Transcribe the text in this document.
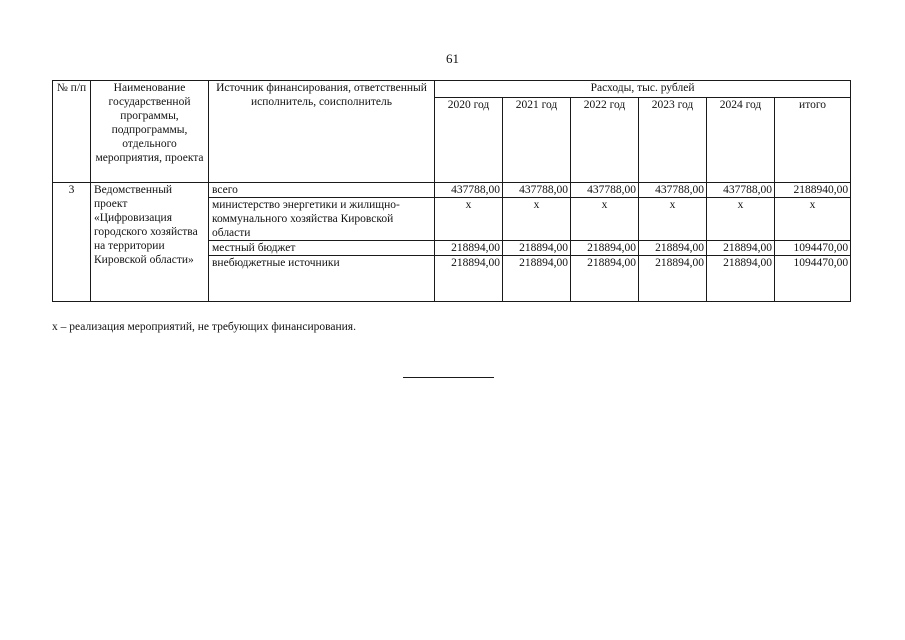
61
№ п/п	Наименование государственной программы, подпрограммы, отдельного мероприятия, проекта	Источник финансирования, ответственный исполнитель, соисполнитель	Расходы, тыс. рублей					
			2020 год	2021 год	2022 год	2023 год	2024 год	итого
3	Ведомственный проект «Цифровизация городского хозяйства на территории Кировской области»	всего	437788,00	437788,00	437788,00	437788,00	437788,00	2188940,00
		министерство энергетики и жилищно-коммунального хозяйства Кировской области	x	x	x	x	x	x
		местный бюджет	218894,00	218894,00	218894,00	218894,00	218894,00	1094470,00
		внебюджетные источники	218894,00	218894,00	218894,00	218894,00	218894,00	1094470,00
x – реализация мероприятий, не требующих финансирования.
